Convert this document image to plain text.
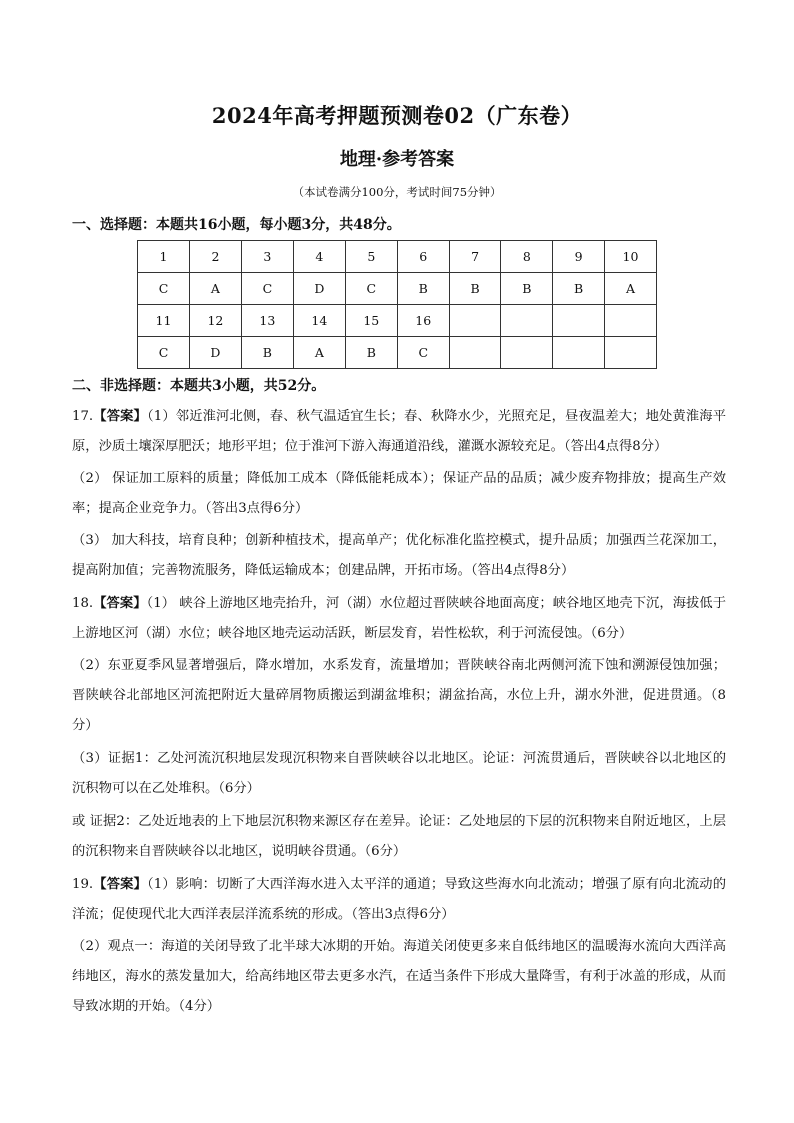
2024年高考押题预测卷02（广东卷）
地理·参考答案
（本试卷满分100分，考试时间75分钟）
一、选择题：本题共16小题，每小题3分，共48分。
1	2	3	4	5	6	7	8	9	10
C	A	C	D	C	B	B	B	B	A
11	12	13	14	15	16				
C	D	B	A	B	C				
二、非选择题：本题共3小题，共52分。
17.【答案】（1）邻近淮河北侧，春、秋气温适宜生长；春、秋降水少，光照充足，昼夜温差大；地处黄淮海平原，沙质土壤深厚肥沃；地形平坦；位于淮河下游入海通道沿线，灌溉水源较充足。（答出4点得8分）
（2） 保证加工原料的质量；降低加工成本（降低能耗成本）；保证产品的品质；减少废弃物排放；提高生产效率；提高企业竞争力。（答出3点得6分）
（3） 加大科技，培育良种；创新种植技术，提高单产；优化标准化监控模式，提升品质；加强西兰花深加工，提高附加值；完善物流服务，降低运输成本；创建品牌，开拓市场。（答出4点得8分）
18.【答案】（1） 峡谷上游地区地壳抬升，河（湖）水位超过晋陕峡谷地面高度；峡谷地区地壳下沉，海拔低于上游地区河（湖）水位；峡谷地区地壳运动活跃，断层发育，岩性松软，利于河流侵蚀。（6分）
（2）东亚夏季风显著增强后，降水增加，水系发育，流量增加；晋陕峡谷南北两侧河流下蚀和溯源侵蚀加强；晋陕峡谷北部地区河流把附近大量碎屑物质搬运到湖盆堆积；湖盆抬高，水位上升，湖水外泄，促进贯通。（8分）
（3）证据1：乙处河流沉积地层发现沉积物来自晋陕峡谷以北地区。论证：河流贯通后，晋陕峡谷以北地区的沉积物可以在乙处堆积。（6分）
或 证据2：乙处近地表的上下地层沉积物来源区存在差异。论证：乙处地层的下层的沉积物来自附近地区，上层的沉积物来自晋陕峡谷以北地区，说明峡谷贯通。（6分）
19.【答案】（1）影响：切断了大西洋海水进入太平洋的通道；导致这些海水向北流动；增强了原有向北流动的洋流；促使现代北大西洋表层洋流系统的形成。（答出3点得6分）
（2）观点一：海道的关闭导致了北半球大冰期的开始。海道关闭使更多来自低纬地区的温暖海水流向大西洋高纬地区，海水的蒸发量加大，给高纬地区带去更多水汽，在适当条件下形成大量降雪，有利于冰盖的形成，从而导致冰期的开始。（4分）
